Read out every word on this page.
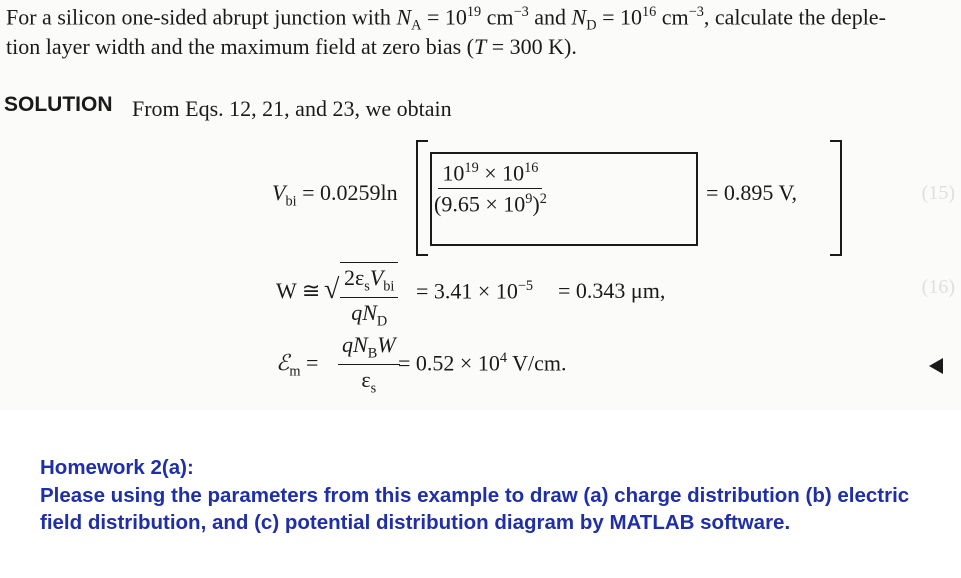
(15)
(16)
For a silicon one-sided abrupt junction with $N_A = 10^{19}$ $cm^{-3}$ and $N_D = 10^{16}$ $cm^{-3}$, calculate the deple-
tion layer width and the maximum field at zero bias (T = 300 K).
SOLUTION From Eqs. 12, 21, and 23, we obtain
$V_{bi} = 0.0259\ln \frac{10^{19} \times 10^{16}}{(9.65 \times 10^9)^2}$	= 0.895 V,
W ≅ √ $2\varepsilon_sV_{bi}$
$qN_D$
= $3.41 \times 10^{-5} = 0.343$ μm,
ℰ$_m$ =
$qN_BW$
$\varepsilon_s$
= $0.52 \times 10^4$ V/cm.
Homework 2(a):
Please using the parameters from this example to draw (a) charge distribution (b) electric field distribution, and (c) potential distribution diagram by MATLAB software.
